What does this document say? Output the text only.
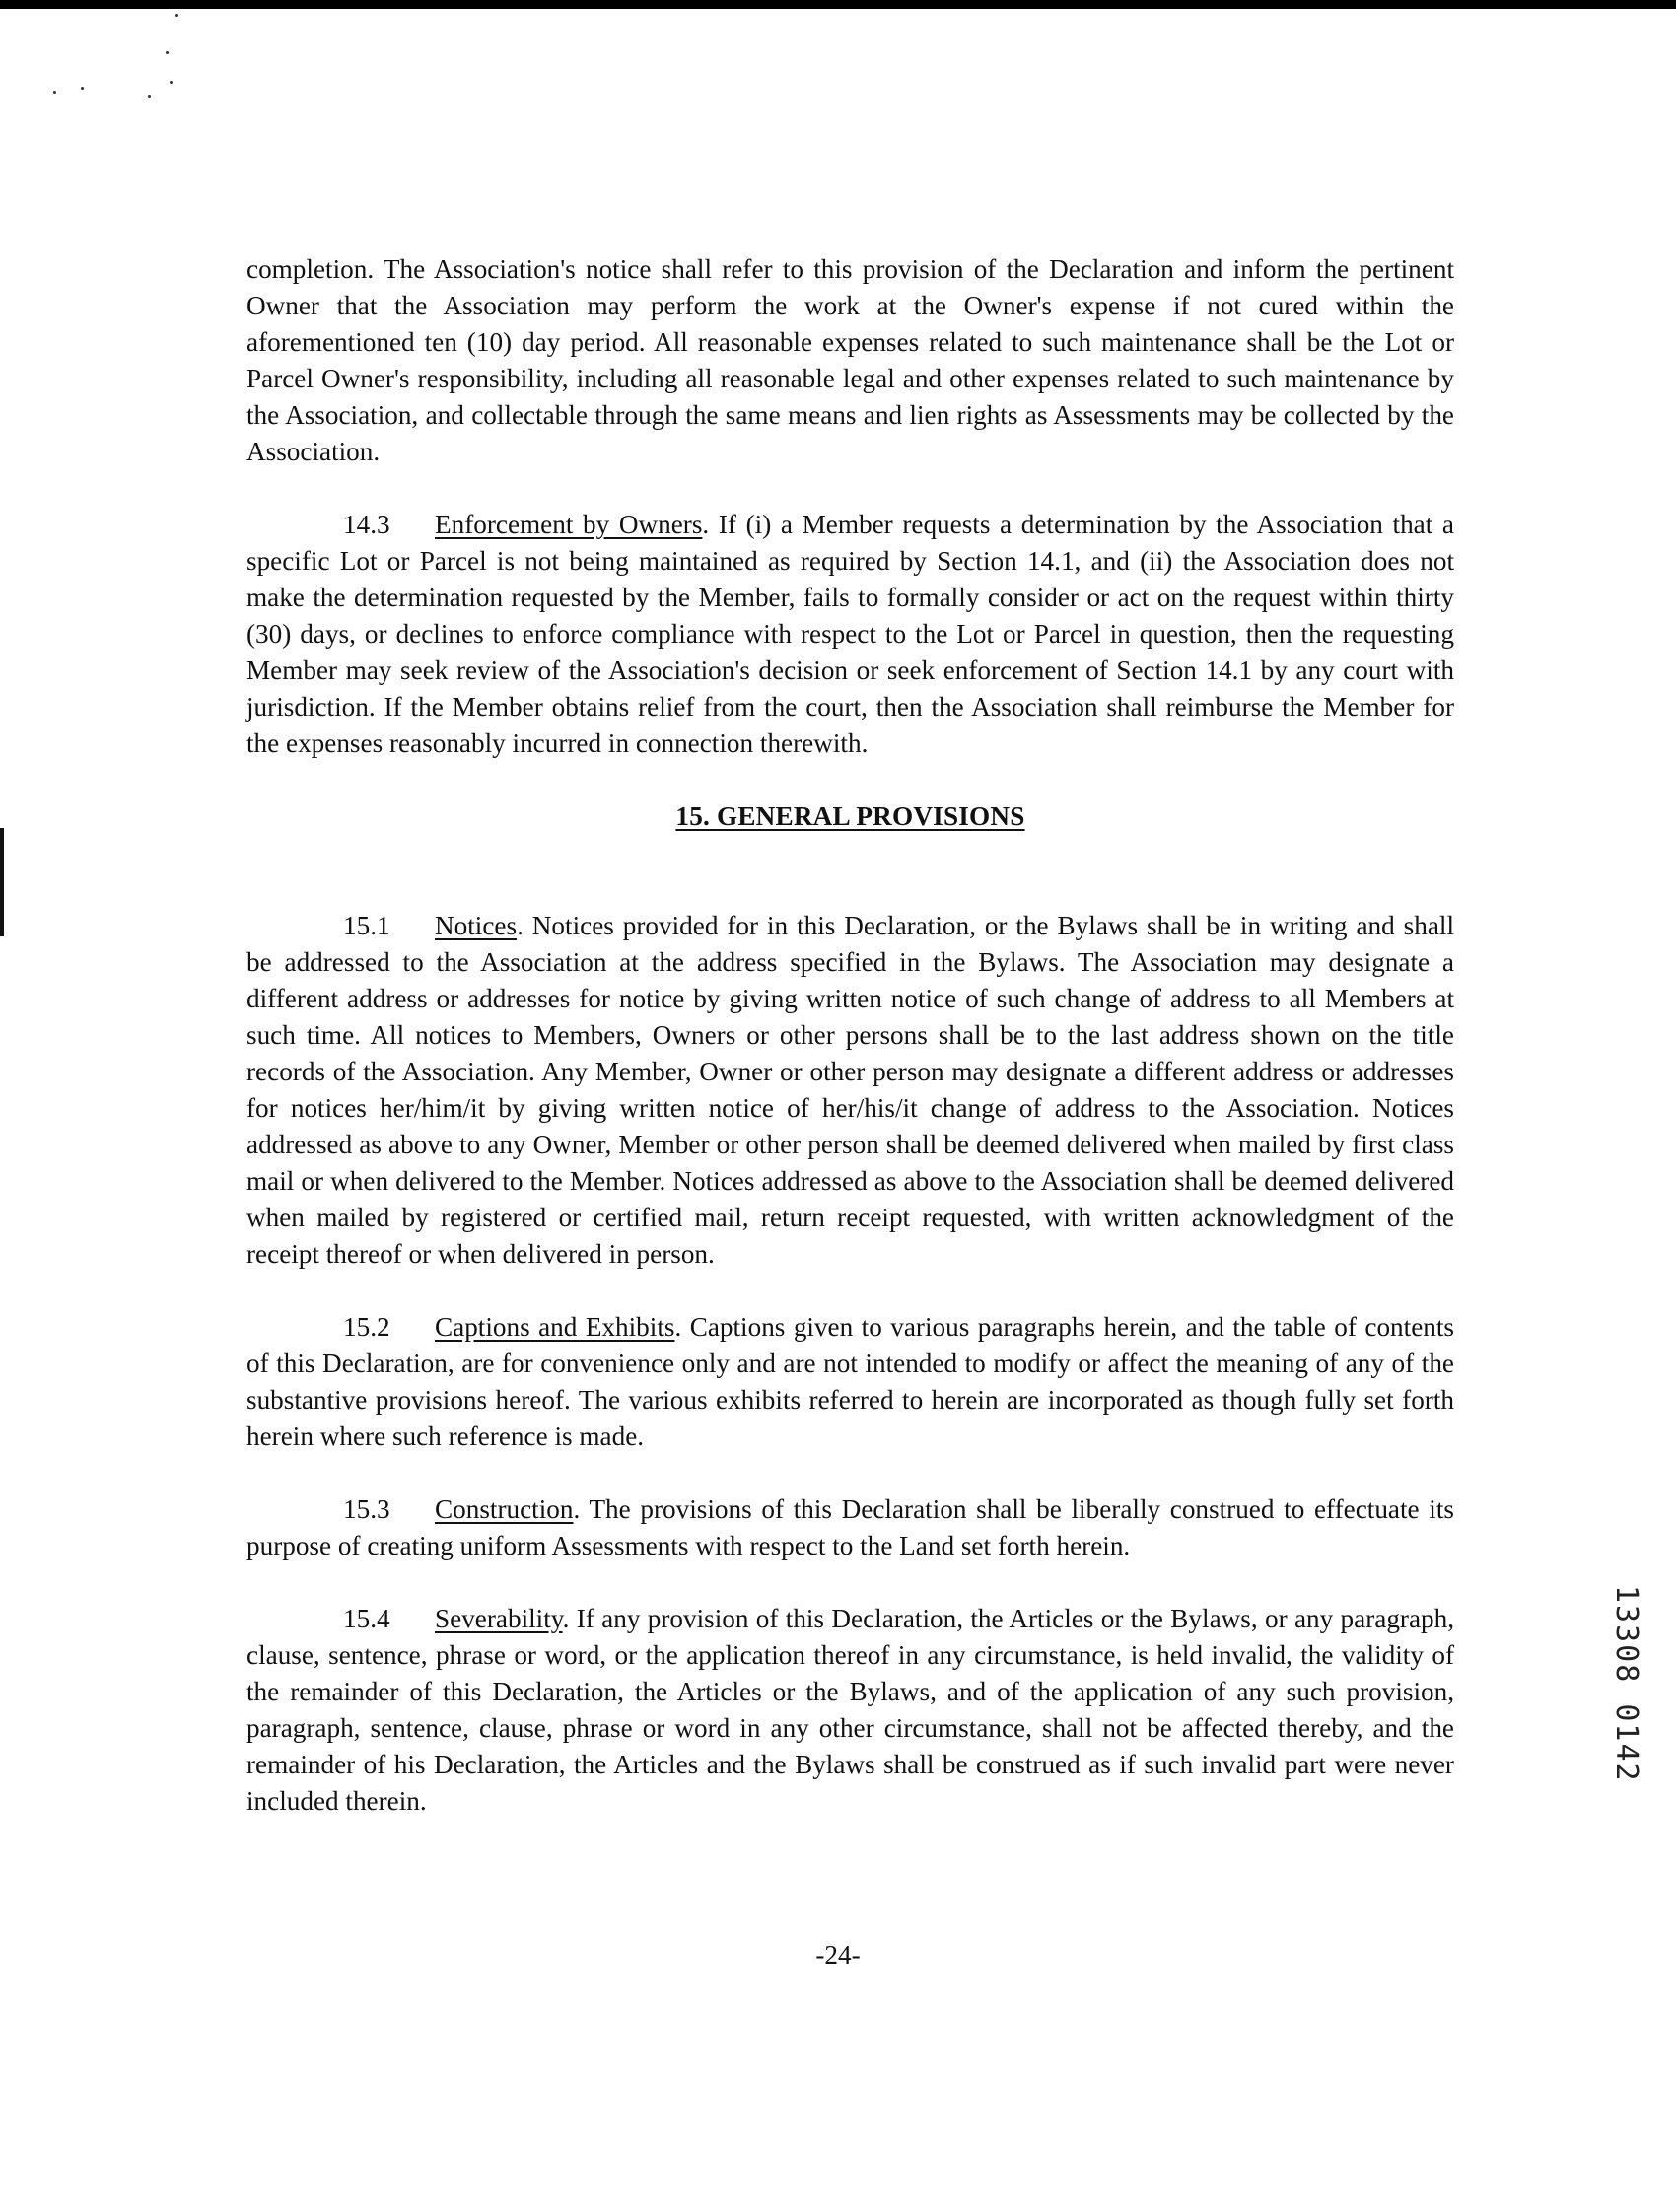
completion. The Association's notice shall refer to this provision of the Declaration and inform the pertinent Owner that the Association may perform the work at the Owner's expense if not cured within the aforementioned ten (10) day period. All reasonable expenses related to such maintenance shall be the Lot or Parcel Owner's responsibility, including all reasonable legal and other expenses related to such maintenance by the Association, and collectable through the same means and lien rights as Assessments may be collected by the Association.

14.3 Enforcement by Owners. If (i) a Member requests a determination by the Association that a specific Lot or Parcel is not being maintained as required by Section 14.1, and (ii) the Association does not make the determination requested by the Member, fails to formally consider or act on the request within thirty (30) days, or declines to enforce compliance with respect to the Lot or Parcel in question, then the requesting Member may seek review of the Association's decision or seek enforcement of Section 14.1 by any court with jurisdiction. If the Member obtains relief from the court, then the Association shall reimburse the Member for the expenses reasonably incurred in connection therewith.

15. GENERAL PROVISIONS

15.1 Notices. Notices provided for in this Declaration, or the Bylaws shall be in writing and shall be addressed to the Association at the address specified in the Bylaws. The Association may designate a different address or addresses for notice by giving written notice of such change of address to all Members at such time. All notices to Members, Owners or other persons shall be to the last address shown on the title records of the Association. Any Member, Owner or other person may designate a different address or addresses for notices her/him/it by giving written notice of her/his/it change of address to the Association. Notices addressed as above to any Owner, Member or other person shall be deemed delivered when mailed by first class mail or when delivered to the Member. Notices addressed as above to the Association shall be deemed delivered when mailed by registered or certified mail, return receipt requested, with written acknowledgment of the receipt thereof or when delivered in person.

15.2 Captions and Exhibits. Captions given to various paragraphs herein, and the table of contents of this Declaration, are for convenience only and are not intended to modify or affect the meaning of any of the substantive provisions hereof. The various exhibits referred to herein are incorporated as though fully set forth herein where such reference is made.

15.3 Construction. The provisions of this Declaration shall be liberally construed to effectuate its purpose of creating uniform Assessments with respect to the Land set forth herein.

15.4 Severability. If any provision of this Declaration, the Articles or the Bylaws, or any paragraph, clause, sentence, phrase or word, or the application thereof in any circumstance, is held invalid, the validity of the remainder of this Declaration, the Articles or the Bylaws, and of the application of any such provision, paragraph, sentence, clause, phrase or word in any other circumstance, shall not be affected thereby, and the remainder of his Declaration, the Articles and the Bylaws shall be construed as if such invalid part were never included therein.

-24-
13308 0142
